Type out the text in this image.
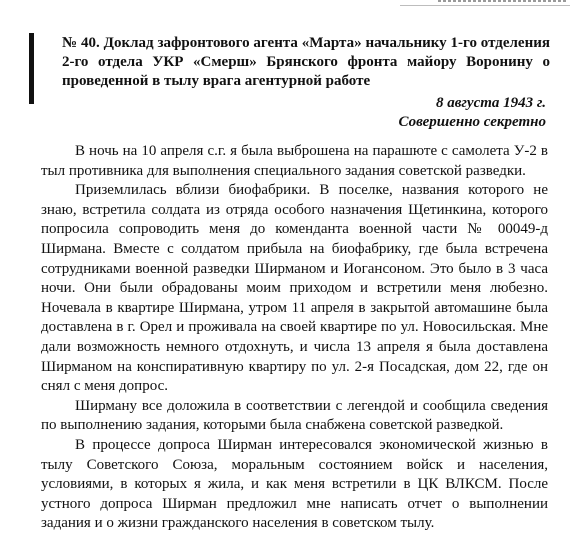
№ 40. Доклад зафронтового агента «Марта» начальнику 1-го отделения 2-го отдела УКР «Смерш» Брянского фронта майору Воронину о проведенной в тылу врага агентурной работе
8 августа 1943 г.
Совершенно секретно

В ночь на 10 апреля с.г. я была выброшена на парашюте с самолета У-2 в тыл противника для выполнения специального задания советской разведки.

Приземлилась вблизи биофабрики. В поселке, названия которого не знаю, встретила солдата из отряда особого назначения Щетинкина, которого попросила сопроводить меня до коменданта военной части № 00049-д Ширмана. Вместе с солдатом прибыла на биофабрику, где была встречена сотрудниками военной разведки Ширманом и Иогансоном. Это было в 3 часа ночи. Они были обрадованы моим приходом и встретили меня любезно. Ночевала в квартире Ширмана, утром 11 апреля в закрытой автомашине была доставлена в г. Орел и проживала на своей квартире по ул. Новосильская. Мне дали возможность немного отдохнуть, и числа 13 апреля я была доставлена Ширманом на конспиративную квартиру по ул. 2-я Посадская, дом 22, где он снял с меня допрос.

Ширману все доложила в соответствии с легендой и сообщила сведения по выполнению задания, которыми была снабжена советской разведкой.

В процессе допроса Ширман интересовался экономической жизнью в тылу Советского Союза, моральным состоянием войск и населения, условиями, в которых я жила, и как меня встретили в ЦК ВЛКСМ. После устного допроса Ширман предложил мне написать отчет о выполнении задания и о жизни гражданского населения в советском тылу.
